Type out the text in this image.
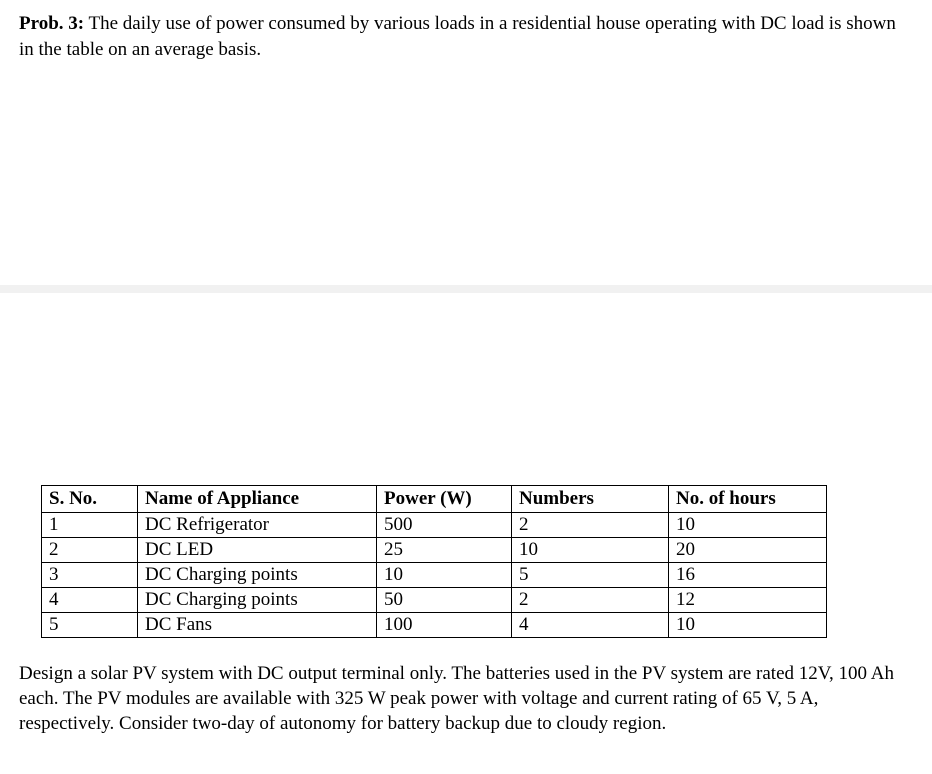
Prob. 3: The daily use of power consumed by various loads in a residential house operating with DC load is shown in the table on an average basis.

S. No.	Name of Appliance	Power (W)	Numbers	No. of hours
1	DC Refrigerator	500	2	10
2	DC LED	25	10	20
3	DC Charging points	10	5	16
4	DC Charging points	50	2	12
5	DC Fans	100	4	10

Design a solar PV system with DC output terminal only. The batteries used in the PV system are rated 12V, 100 Ah each. The PV modules are available with 325 W peak power with voltage and current rating of 65 V, 5 A, respectively. Consider two-day of autonomy for battery backup due to cloudy region.
